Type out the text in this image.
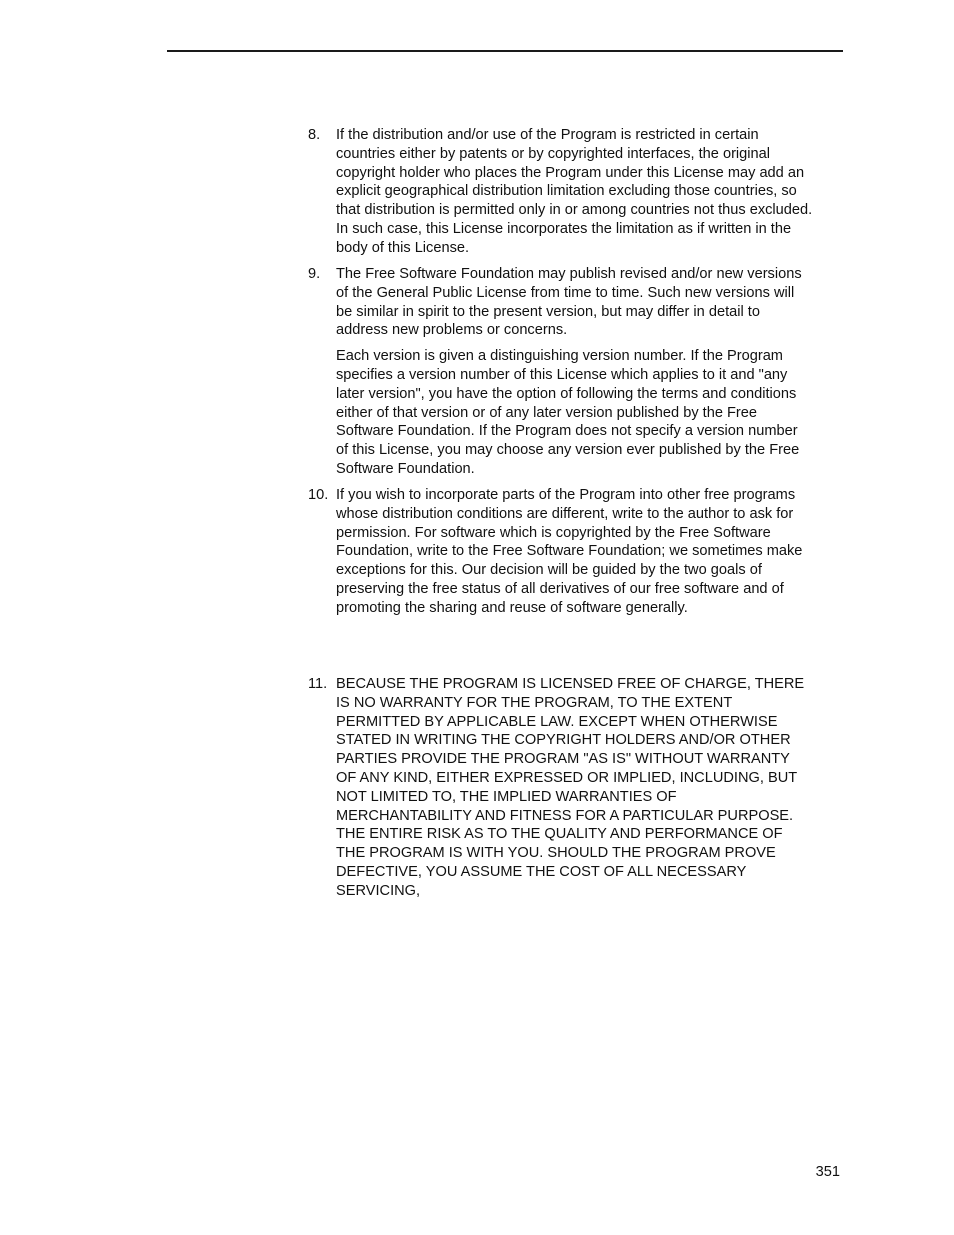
8.	If the distribution and/or use of the Program is restricted in certain
countries either by patents or by copyrighted interfaces, the original
copyright holder who places the Program under this License may add an
explicit geographical distribution limitation excluding those countries, so
that distribution is permitted only in or among countries not thus excluded.
In such case, this License incorporates the limitation as if written in the
body of this License.

9.	The Free Software Foundation may publish revised and/or new versions
of the General Public License from time to time. Such new versions will
be similar in spirit to the present version, but may differ in detail to
address new problems or concerns.

Each version is given a distinguishing version number. If the Program
specifies a version number of this License which applies to it and "any
later version", you have the option of following the terms and conditions
either of that version or of any later version published by the Free
Software Foundation. If the Program does not specify a version number
of this License, you may choose any version ever published by the Free
Software Foundation.

10. If you wish to incorporate parts of the Program into other free programs
whose distribution conditions are different, write to the author to ask for
permission. For software which is copyrighted by the Free Software
Foundation, write to the Free Software Foundation; we sometimes make
exceptions for this. Our decision will be guided by the two goals of
preserving the free status of all derivatives of our free software and of
promoting the sharing and reuse of software generally.

11. BECAUSE THE PROGRAM IS LICENSED FREE OF CHARGE, THERE
IS NO WARRANTY FOR THE PROGRAM, TO THE EXTENT
PERMITTED BY APPLICABLE LAW. EXCEPT WHEN OTHERWISE
STATED IN WRITING THE COPYRIGHT HOLDERS AND/OR OTHER
PARTIES PROVIDE THE PROGRAM "AS IS" WITHOUT WARRANTY
OF ANY KIND, EITHER EXPRESSED OR IMPLIED, INCLUDING, BUT
NOT LIMITED TO, THE IMPLIED WARRANTIES OF
MERCHANTABILITY AND FITNESS FOR A PARTICULAR PURPOSE.
THE ENTIRE RISK AS TO THE QUALITY AND PERFORMANCE OF
THE PROGRAM IS WITH YOU. SHOULD THE PROGRAM PROVE
DEFECTIVE, YOU ASSUME THE COST OF ALL NECESSARY
SERVICING,

351
